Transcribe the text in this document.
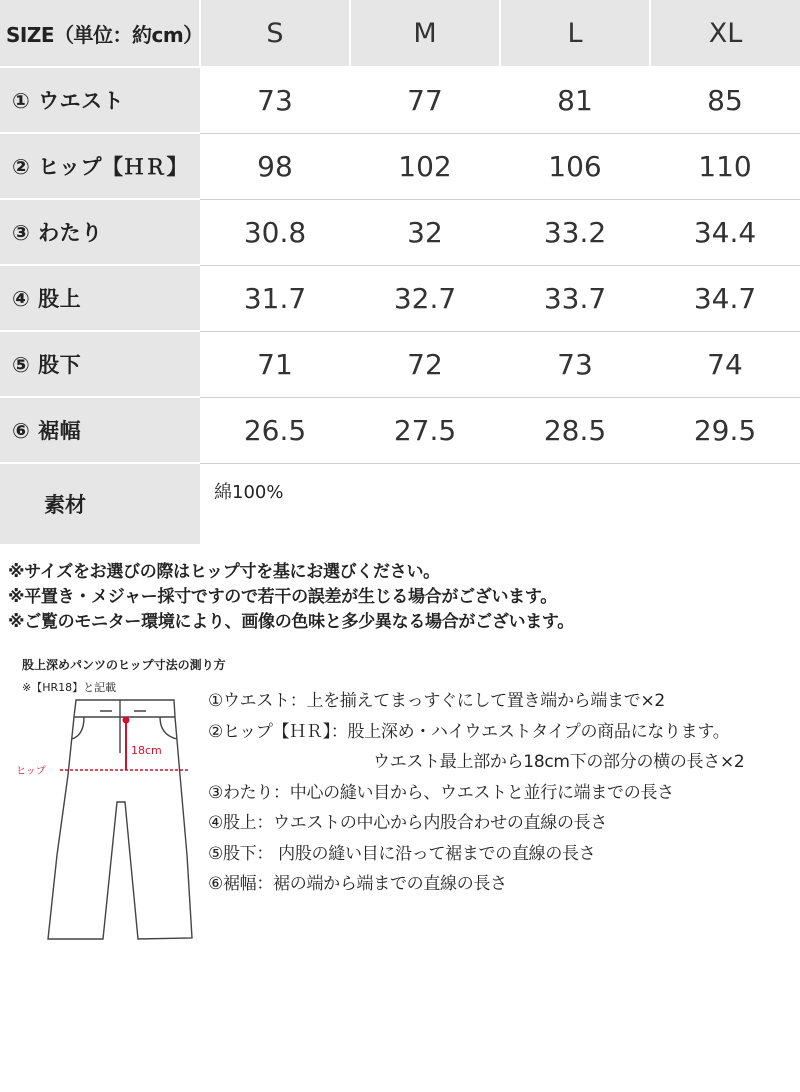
SIZE（単位：約cm）	S	M	L	XL
① ウエスト	73	77	81	85
② ヒップ【ＨＲ】	98	102	106	110
③ わたり	30.8	32	33.2	34.4
④ 股上	31.7	32.7	33.7	34.7
⑤ 股下	71	72	73	74
⑥ 裾幅	26.5	27.5	28.5	29.5
素材	綿100%			
※サイズをお選びの際はヒップ寸を基にお選びください。
※平置き・メジャー採寸ですので若干の誤差が生じる場合がございます。
※ご覧のモニター環境により、画像の色味と多少異なる場合がございます。
股上深めパンツのヒップ寸法の測り方
※【HR18】と記載
18cm
ヒップ
①ウエスト：上を揃えてまっすぐにして置き端から端まで×2
②ヒップ【ＨＲ】：股上深め・ハイウエストタイプの商品になります。
ウエスト最上部から18cm下の部分の横の長さ×2
③わたり：中心の縫い目から、ウエストと並行に端までの長さ
④股上：ウエストの中心から内股合わせの直線の長さ
⑤股下： 内股の縫い目に沿って裾までの直線の長さ
⑥裾幅：裾の端から端までの直線の長さ
